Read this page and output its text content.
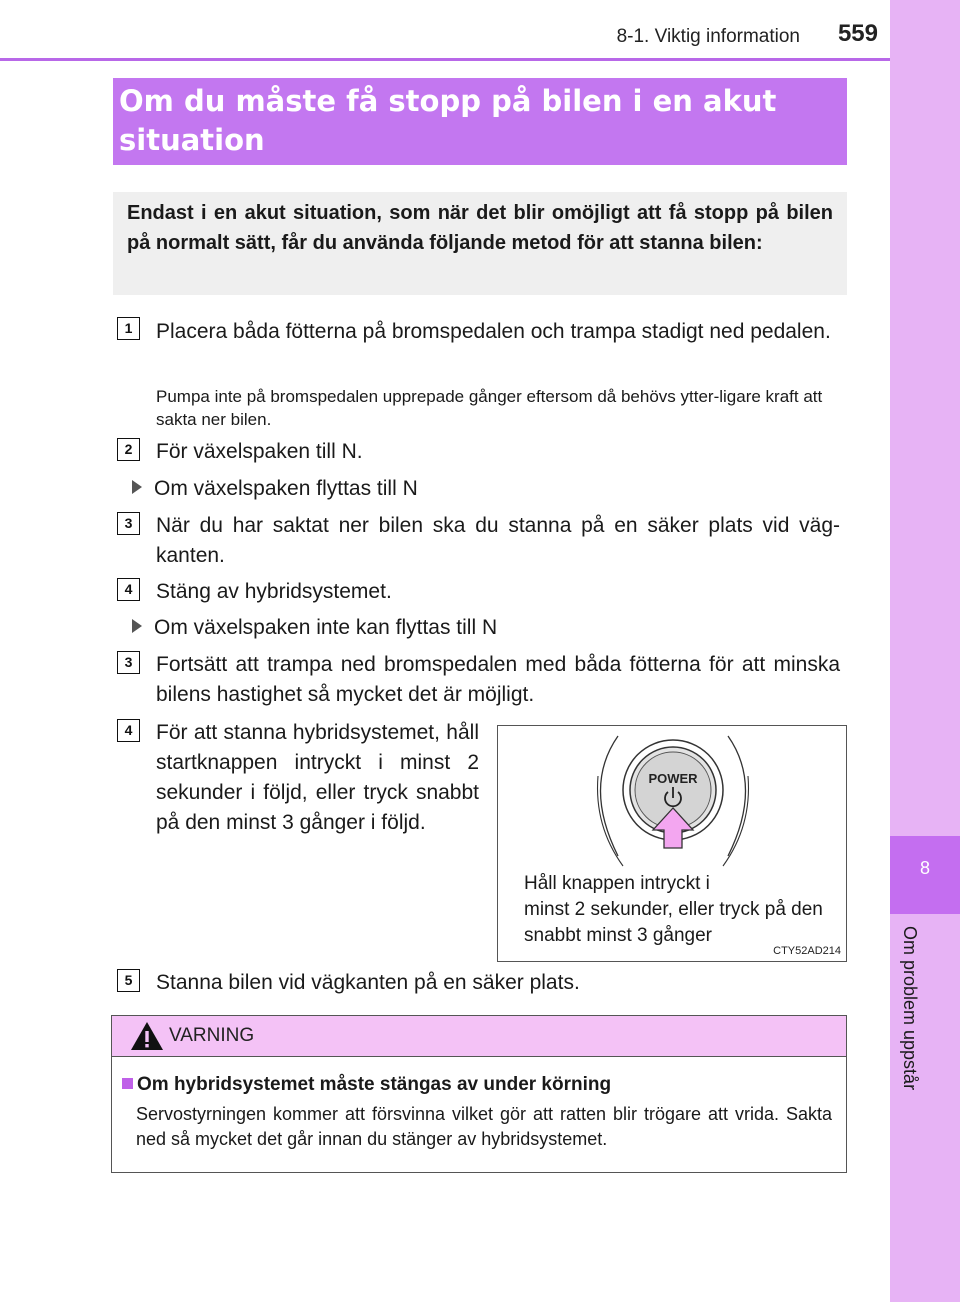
8-1. Viktig information	559
8
Om problem uppstår
Om du måste få stopp på bilen i en akut situation

Endast i en akut situation, som när det blir omöjligt att få stopp på bilen på normalt sätt, får du använda följande metod för att stanna bilen:

1	Placera båda fötterna på bromspedalen och trampa stadigt ned pedalen.
Pumpa inte på bromspedalen upprepade gånger eftersom då behövs ytter-ligare kraft att sakta ner bilen.
2	För växelspaken till N.
Om växelspaken flyttas till N
3	När du har saktat ner bilen ska du stanna på en säker plats vid väg-kanten.
4	Stäng av hybridsystemet.
Om växelspaken inte kan flyttas till N
3	Fortsätt att trampa ned bromspedalen med båda fötterna för att minska bilens hastighet så mycket det är möjligt.
4	För att stanna hybridsystemet, håll startknappen intryckt i minst 2 sekunder i följd, eller tryck snabbt på den minst 3 gånger i följd.
POWER
Håll knappen intryckt i
minst 2 sekunder, eller tryck på den
snabbt minst 3 gånger
CTY52AD214
5	Stanna bilen vid vägkanten på en säker plats.
VARNING
Om hybridsystemet måste stängas av under körning
Servostyrningen kommer att försvinna vilket gör att ratten blir trögare att vrida. Sakta ned så mycket det går innan du stänger av hybridsystemet.
